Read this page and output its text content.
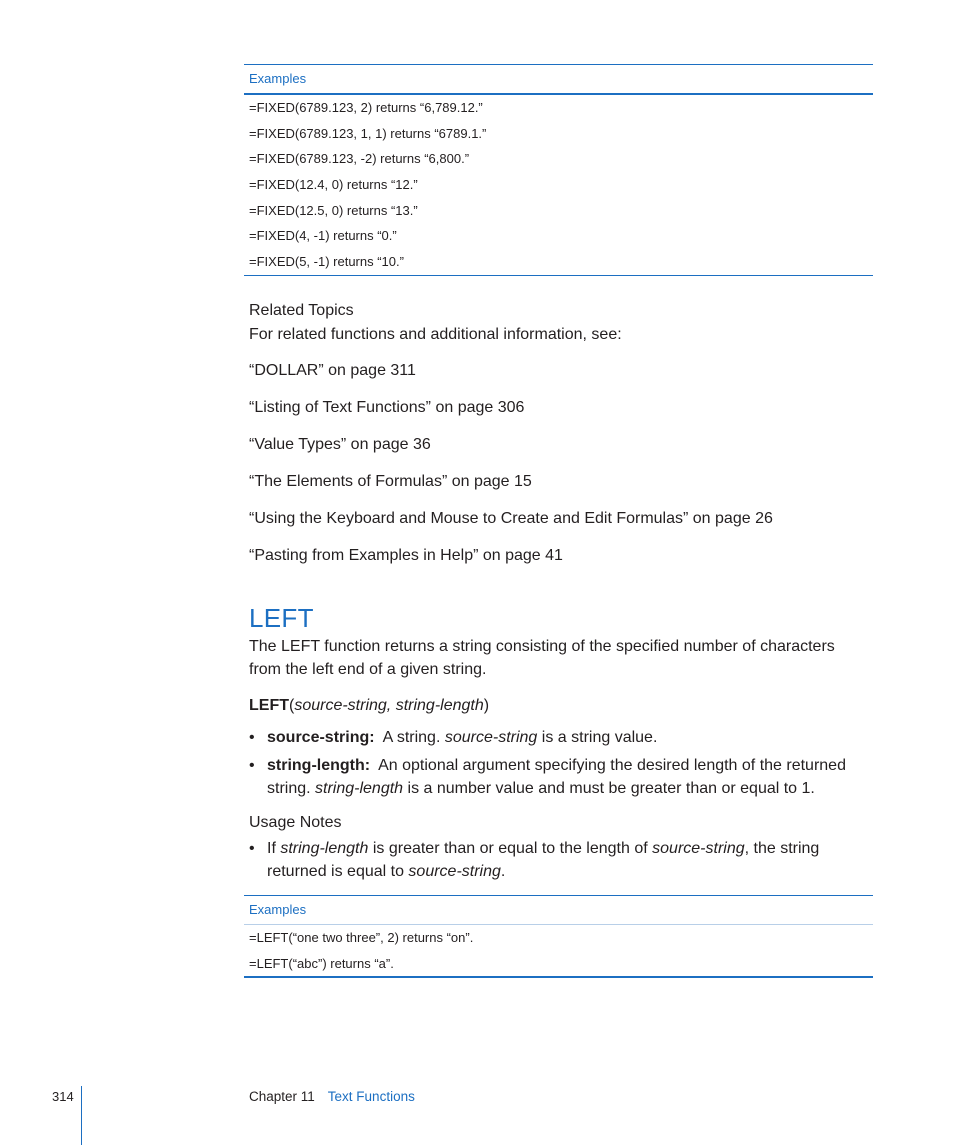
Examples
=FIXED(6789.123, 2) returns “6,789.12.”
=FIXED(6789.123, 1, 1) returns “6789.1.”
=FIXED(6789.123, -2) returns “6,800.”
=FIXED(12.4, 0) returns “12.”
=FIXED(12.5, 0) returns “13.”
=FIXED(4, -1) returns “0.”
=FIXED(5, -1) returns “10.”
Related Topics
For related functions and additional information, see:
“DOLLAR” on page 311
“Listing of Text Functions” on page 306
“Value Types” on page 36
“The Elements of Formulas” on page 15
“Using the Keyboard and Mouse to Create and Edit Formulas” on page 26
“Pasting from Examples in Help” on page 41
LEFT
The LEFT function returns a string consisting of the specified number of characters from the left end of a given string.
LEFT(source-string, string-length)
• source-string: A string. source-string is a string value.
• string-length: An optional argument specifying the desired length of the returned string. string-length is a number value and must be greater than or equal to 1.
Usage Notes
• If string-length is greater than or equal to the length of source-string, the string returned is equal to source-string.
Examples
=LEFT(“one two three”, 2) returns “on”.
=LEFT(“abc”) returns “a”.
314	Chapter 11 Text Functions
